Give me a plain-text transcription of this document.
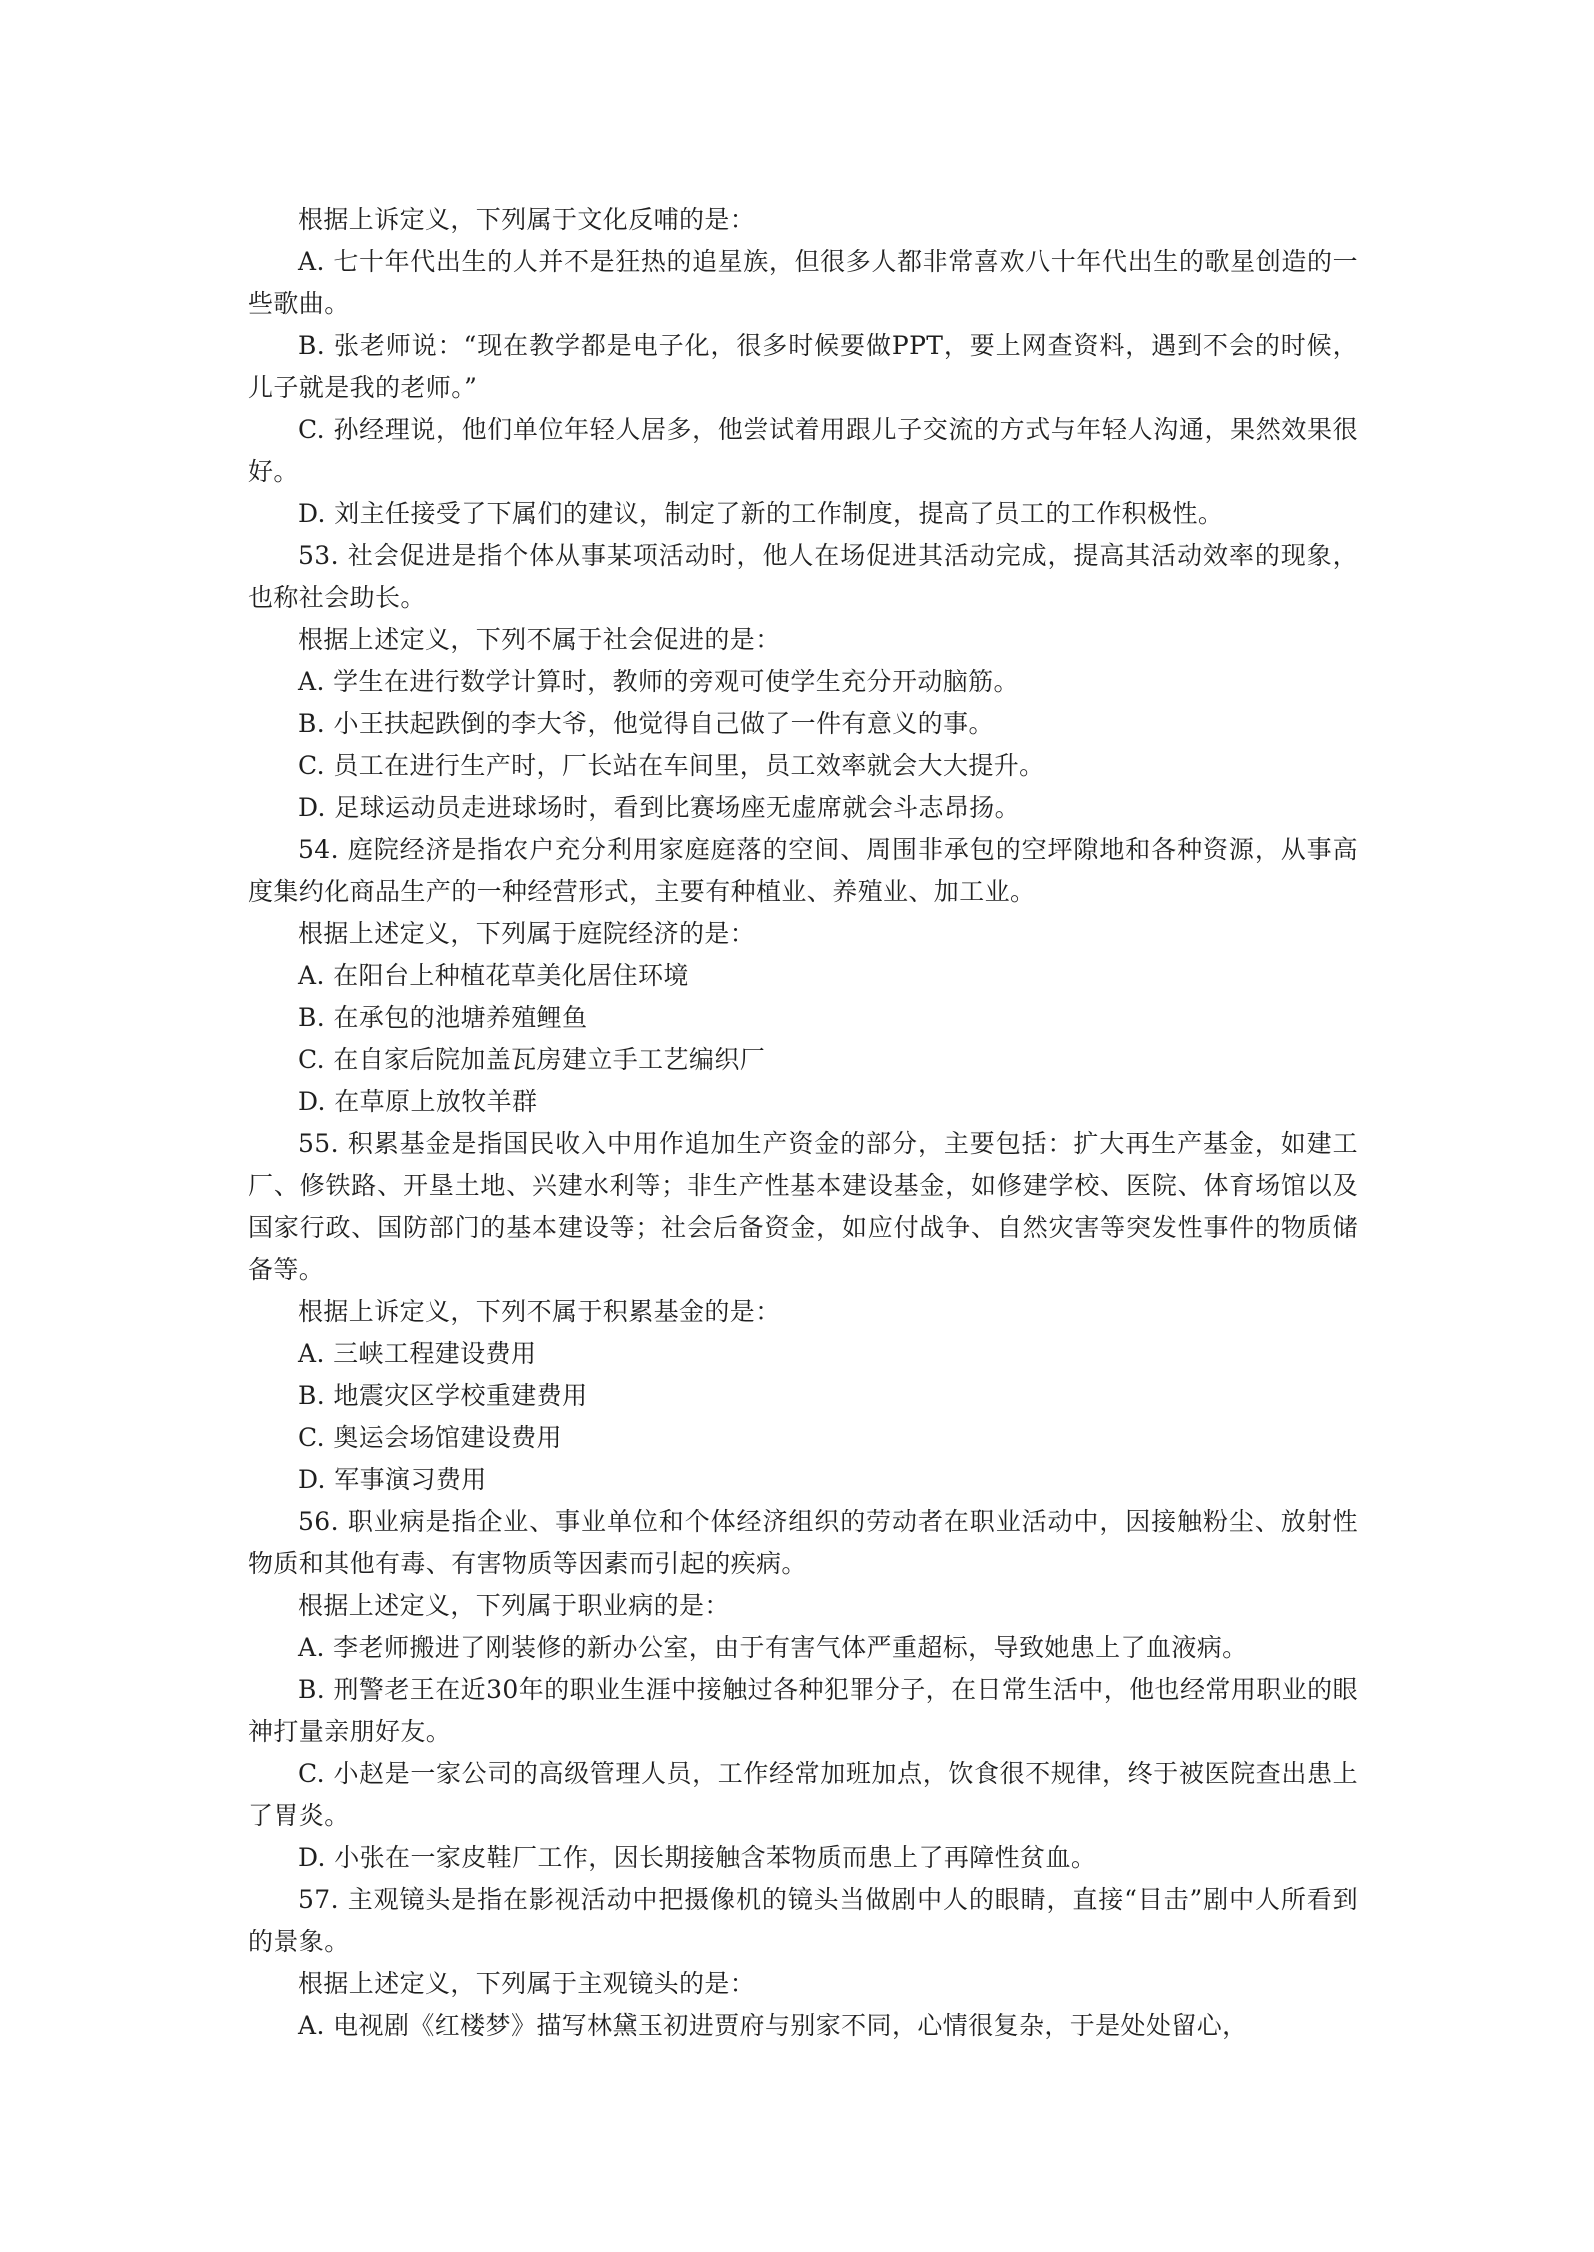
根据上诉定义，下列属于文化反哺的是：

A. 七十年代出生的人并不是狂热的追星族，但很多人都非常喜欢八十年代出生的歌星创造的一些歌曲。

B. 张老师说：“现在教学都是电子化，很多时候要做PPT，要上网查资料，遇到不会的时候，儿子就是我的老师。”

C. 孙经理说，他们单位年轻人居多，他尝试着用跟儿子交流的方式与年轻人沟通，果然效果很好。

D. 刘主任接受了下属们的建议，制定了新的工作制度，提高了员工的工作积极性。

53. 社会促进是指个体从事某项活动时，他人在场促进其活动完成，提高其活动效率的现象，也称社会助长。

根据上述定义，下列不属于社会促进的是：

A. 学生在进行数学计算时，教师的旁观可使学生充分开动脑筋。

B. 小王扶起跌倒的李大爷，他觉得自己做了一件有意义的事。

C. 员工在进行生产时，厂长站在车间里，员工效率就会大大提升。

D. 足球运动员走进球场时，看到比赛场座无虚席就会斗志昂扬。

54. 庭院经济是指农户充分利用家庭庭落的空间、周围非承包的空坪隙地和各种资源，从事高度集约化商品生产的一种经营形式，主要有种植业、养殖业、加工业。

根据上述定义，下列属于庭院经济的是：

A. 在阳台上种植花草美化居住环境

B. 在承包的池塘养殖鲤鱼

C. 在自家后院加盖瓦房建立手工艺编织厂

D. 在草原上放牧羊群

55. 积累基金是指国民收入中用作追加生产资金的部分，主要包括：扩大再生产基金，如建工厂、修铁路、开垦土地、兴建水利等；非生产性基本建设基金，如修建学校、医院、体育场馆以及国家行政、国防部门的基本建设等；社会后备资金，如应付战争、自然灾害等突发性事件的物质储备等。

根据上诉定义，下列不属于积累基金的是：

A. 三峡工程建设费用

B. 地震灾区学校重建费用

C. 奥运会场馆建设费用

D. 军事演习费用

56. 职业病是指企业、事业单位和个体经济组织的劳动者在职业活动中，因接触粉尘、放射性物质和其他有毒、有害物质等因素而引起的疾病。

根据上述定义，下列属于职业病的是：

A. 李老师搬进了刚装修的新办公室，由于有害气体严重超标，导致她患上了血液病。

B. 刑警老王在近30年的职业生涯中接触过各种犯罪分子，在日常生活中，他也经常用职业的眼神打量亲朋好友。

C. 小赵是一家公司的高级管理人员，工作经常加班加点，饮食很不规律，终于被医院查出患上了胃炎。

D. 小张在一家皮鞋厂工作，因长期接触含苯物质而患上了再障性贫血。

57. 主观镜头是指在影视活动中把摄像机的镜头当做剧中人的眼睛，直接“目击”剧中人所看到的景象。

根据上述定义，下列属于主观镜头的是：

A. 电视剧《红楼梦》描写林黛玉初进贾府与别家不同，心情很复杂，于是处处留心，
